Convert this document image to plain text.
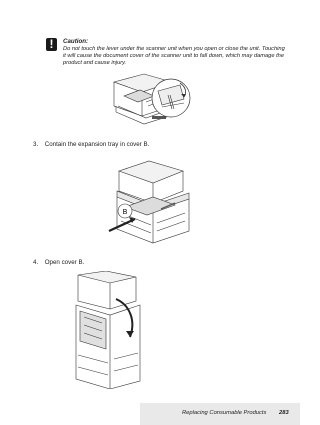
!	Caution:
Do not touch the lever under the scanner unit when you open or close the unit. Touching it will cause the document cover of the scanner unit to fall down, which may damage the product and cause injury.
3. Contain the expansion tray in cover B.
B
4. Open cover B.
Replacing Consumable Products 283
